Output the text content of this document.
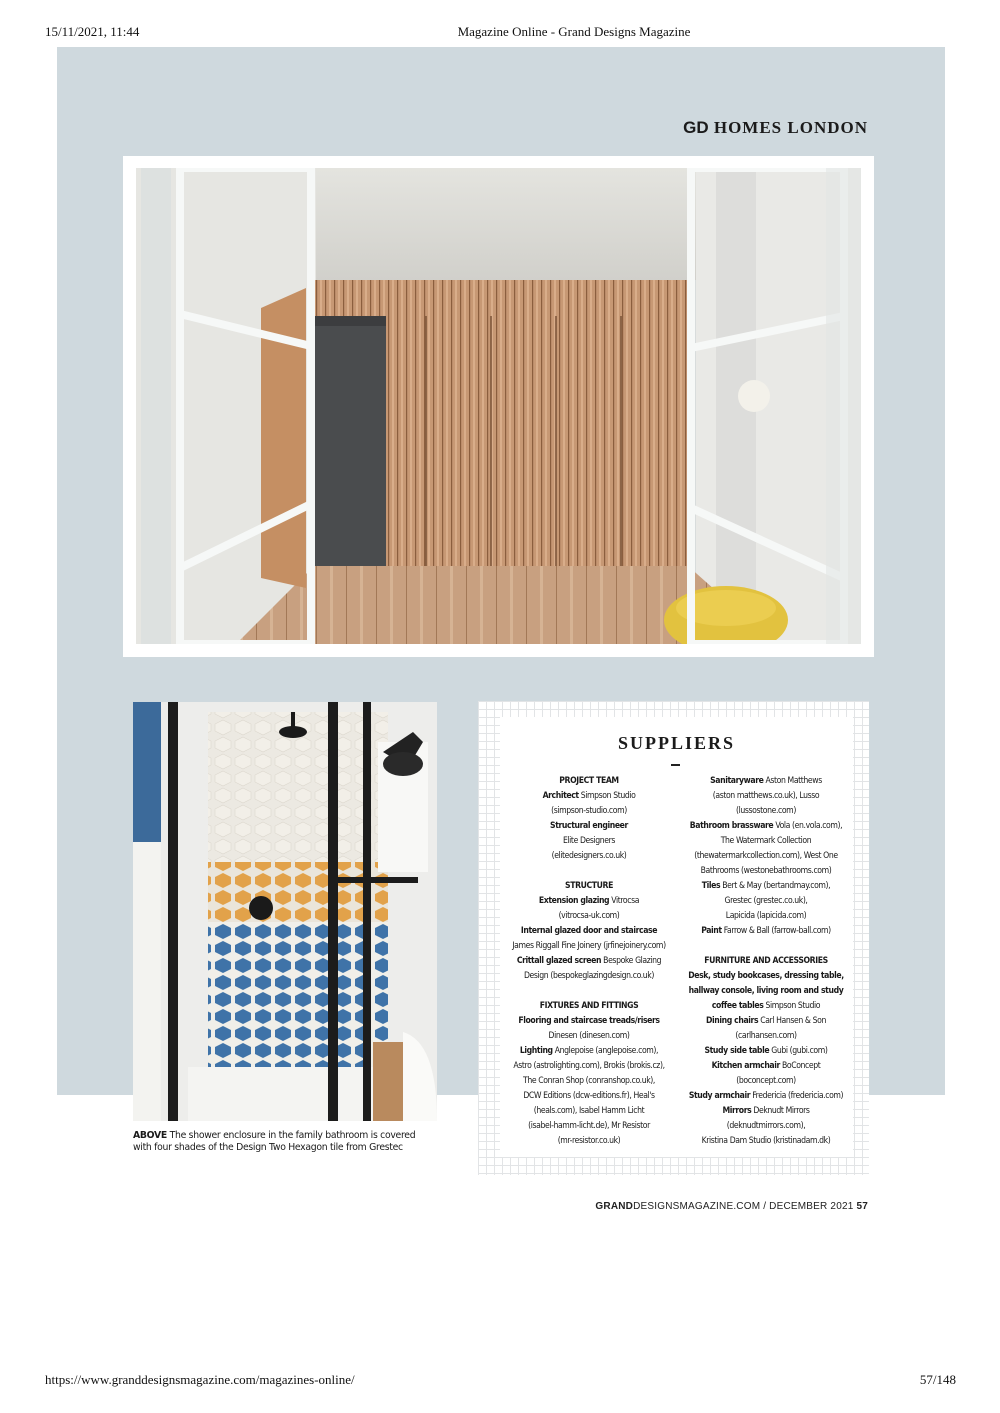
15/11/2021, 11:44	Magazine Online - Grand Designs Magazine
GD HOMES LONDON
ABOVE The shower enclosure in the family bathroom is covered with four shades of the Design Two Hexagon tile from Grestec
SUPPLIERS
PROJECT TEAM
Architect Simpson Studio
(simpson-studio.com)
Structural engineer
Elite Designers
(elitedesigners.co.uk)
STRUCTURE
Extension glazing Vitrocsa
(vitrocsa-uk.com)
Internal glazed door and staircase
James Riggall Fine Joinery (jrfinejoinery.com)
Crittall glazed screen Bespoke Glazing
Design (bespokeglazingdesign.co.uk)
FIXTURES AND FITTINGS
Flooring and staircase treads/risers
Dinesen (dinesen.com)
Lighting Anglepoise (anglepoise.com),
Astro (astrolighting.com), Brokis (brokis.cz),
The Conran Shop (conranshop.co.uk),
DCW Editions (dcw-editions.fr), Heal's
(heals.com), Isabel Hamm Licht
(isabel-hamm-licht.de), Mr Resistor
(mr-resistor.co.uk)
Sanitaryware Aston Matthews
(aston matthews.co.uk), Lusso
(lussostone.com)
Bathroom brassware Vola (en.vola.com),
The Watermark Collection
(thewatermarkcollection.com), West One
Bathrooms (westonebathrooms.com)
Tiles Bert & May (bertandmay.com),
Grestec (grestec.co.uk),
Lapicida (lapicida.com)
Paint Farrow & Ball (farrow-ball.com)
FURNITURE AND ACCESSORIES
Desk, study bookcases, dressing table,
hallway console, living room and study
coffee tables Simpson Studio
Dining chairs Carl Hansen & Son
(carlhansen.com)
Study side table Gubi (gubi.com)
Kitchen armchair BoConcept
(boconcept.com)
Study armchair Fredericia (fredericia.com)
Mirrors Deknudt Mirrors
(deknudtmirrors.com),
Kristina Dam Studio (kristinadam.dk)
GRANDDESIGNSMAGAZINE.COM / DECEMBER 2021 57
https://www.granddesignsmagazine.com/magazines-online/	57/148
